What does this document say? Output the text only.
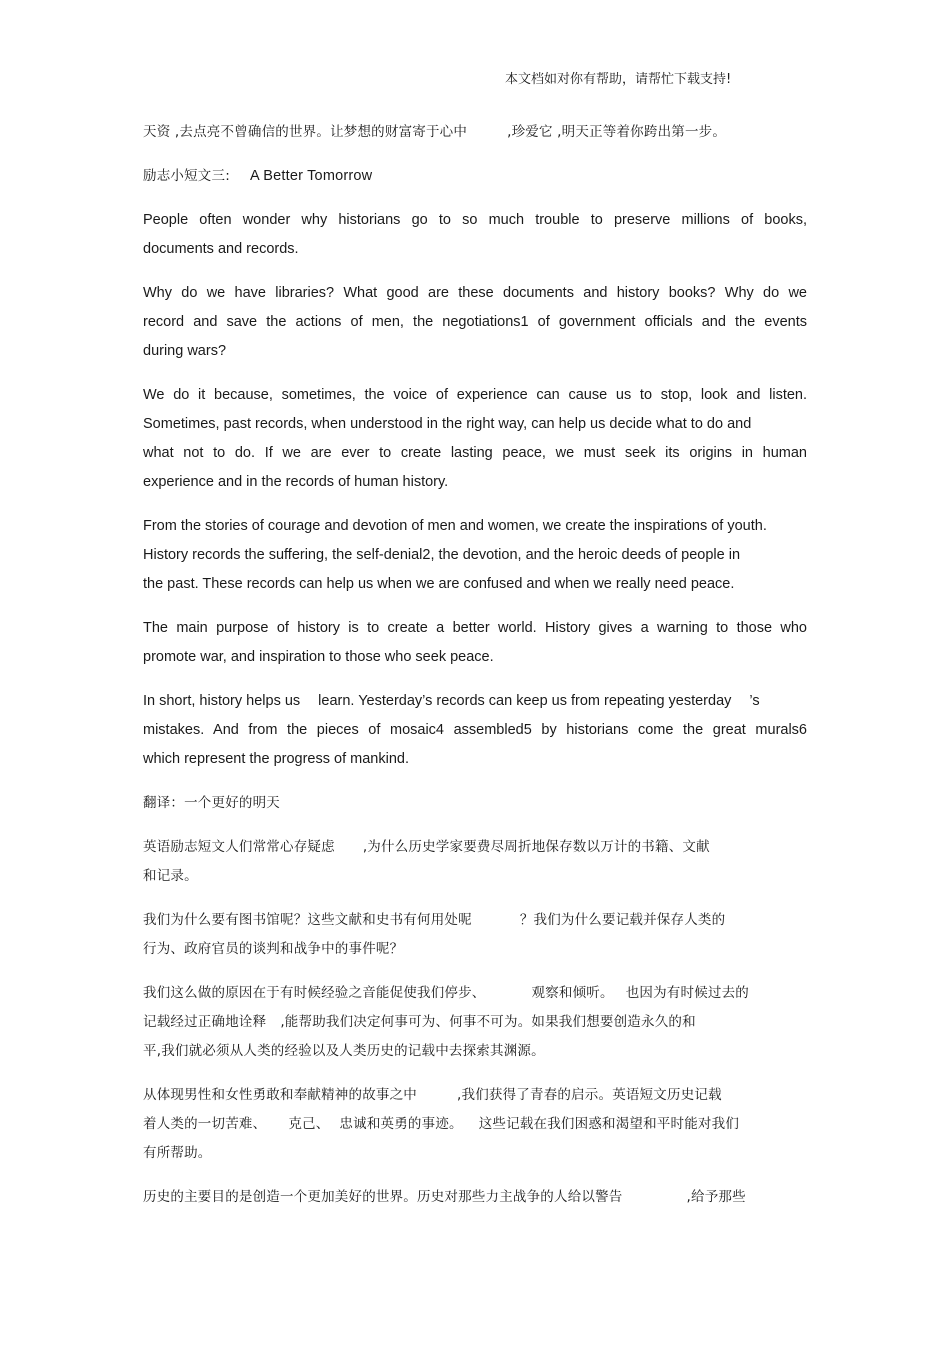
本文档如对你有帮助，请帮忙下载支持!

天资 ,去点亮不曾确信的世界。让梦想的财富寄于心中	,珍爱它 ,明天正等着你跨出第一步。

励志小短文三: A Better Tomorrow

People often wonder why historians go to so much trouble to preserve millions of books,
documents and records.

Why do we have libraries? What good are these documents and history books? Why do we
record and save the actions of men, the negotiations1 of government officials and the events
during wars?

We do it because, sometimes, the voice of experience can cause us to stop, look and listen.
Sometimes, past records, when understood in the right way, can help us decide what to do and
what not to do. If we are ever to create lasting peace, we must seek its origins in human
experience and in the records of human history.

From the stories of courage and devotion of men and women, we create the inspirations of youth.
History records the suffering, the self-denial2, the devotion, and the heroic deeds of people in
the past. These records can help us when we are confused and when we really need peace.

The main purpose of history is to create a better world. History gives a warning to those who
promote war, and inspiration to those who seek peace.

In short, history helps us learn. Yesterday’s records can keep us from repeating yesterday ’s
mistakes. And from the pieces of mosaic4 assembled5 by historians come the great murals6
which represent the progress of mankind.

翻译：一个更好的明天

英语励志短文人们常常心存疑虑 ,为什么历史学家要费尽周折地保存数以万计的书籍、文献
和记录。

我们为什么要有图书馆呢？这些文献和史书有何用处呢	？我们为什么要记载并保存人类的
行为、政府官员的谈判和战争中的事件呢？

我们这么做的原因在于有时候经验之音能促使我们停步、	观察和倾听。 也因为有时候过去的
记载经过正确地诠释 ,能帮助我们决定何事可为、何事不可为。如果我们想要创造永久的和
平,我们就必须从人类的经验以及人类历史的记载中去探索其渊源。

从体现男性和女性勇敢和奉献精神的故事之中	,我们获得了青春的启示。英语短文历史记载
着人类的一切苦难、 克己、 忠诚和英勇的事迹。 这些记载在我们困惑和渴望和平时能对我们
有所帮助。

历史的主要目的是创造一个更加美好的世界。历史对那些力主战争的人给以警告	,给予那些
